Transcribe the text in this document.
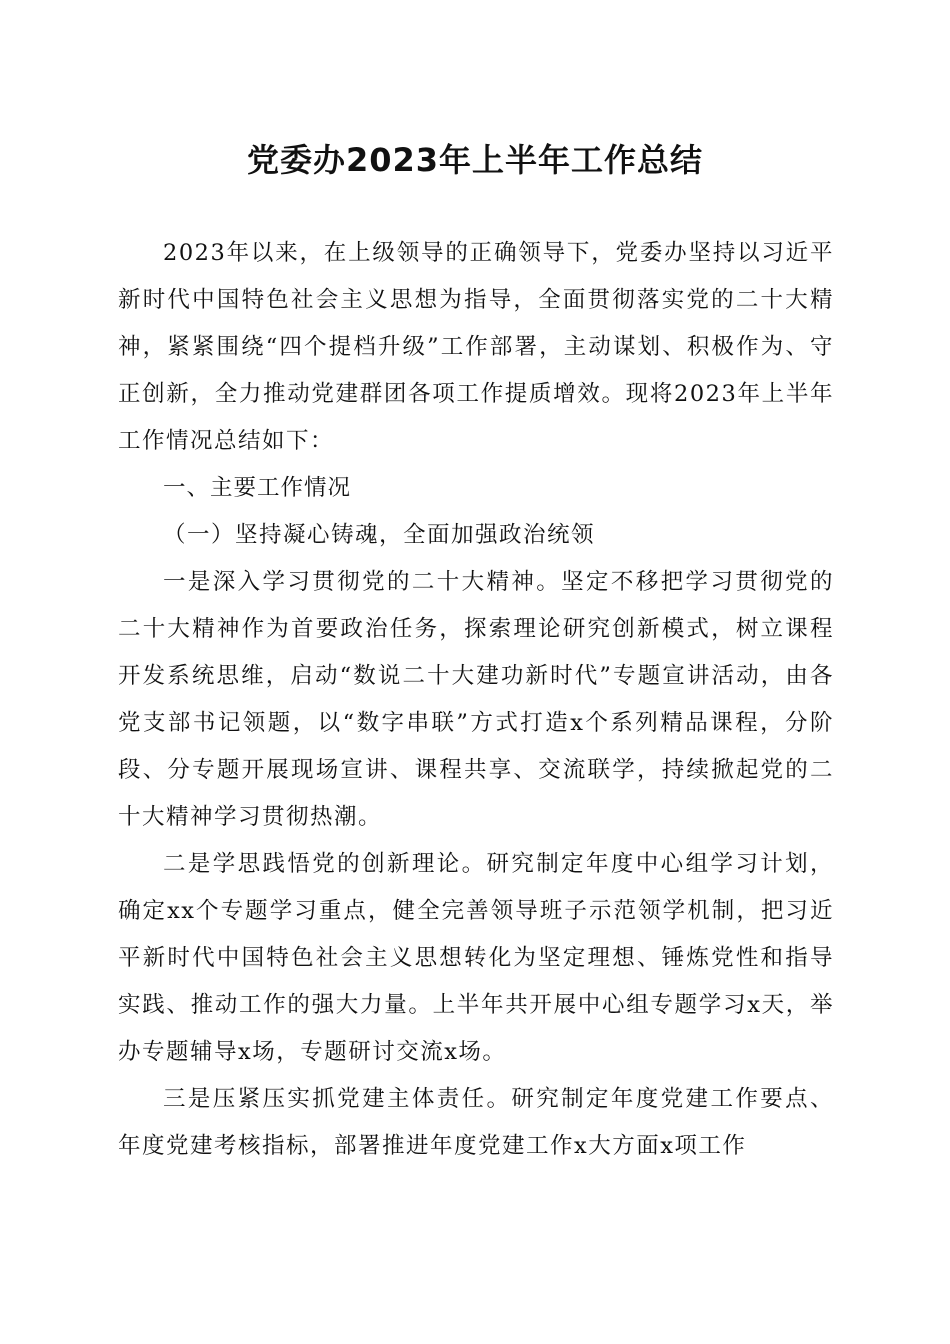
党委办2023年上半年工作总结

2023年以来，在上级领导的正确领导下，党委办坚持以习近平新时代中国特色社会主义思想为指导，全面贯彻落实党的二十大精神，紧紧围绕“四个提档升级”工作部署，主动谋划、积极作为、守正创新，全力推动党建群团各项工作提质增效。现将2023年上半年工作情况总结如下：

一、主要工作情况

（一）坚持凝心铸魂，全面加强政治统领

一是深入学习贯彻党的二十大精神。坚定不移把学习贯彻党的二十大精神作为首要政治任务，探索理论研究创新模式，树立课程开发系统思维，启动“数说二十大建功新时代”专题宣讲活动，由各党支部书记领题，以“数字串联”方式打造x个系列精品课程，分阶段、分专题开展现场宣讲、课程共享、交流联学，持续掀起党的二十大精神学习贯彻热潮。

二是学思践悟党的创新理论。研究制定年度中心组学习计划，确定xx个专题学习重点，健全完善领导班子示范领学机制，把习近平新时代中国特色社会主义思想转化为坚定理想、锤炼党性和指导实践、推动工作的强大力量。上半年共开展中心组专题学习x天，举办专题辅导x场，专题研讨交流x场。

三是压紧压实抓党建主体责任。研究制定年度党建工作要点、年度党建考核指标，部署推进年度党建工作x大方面x项工作
